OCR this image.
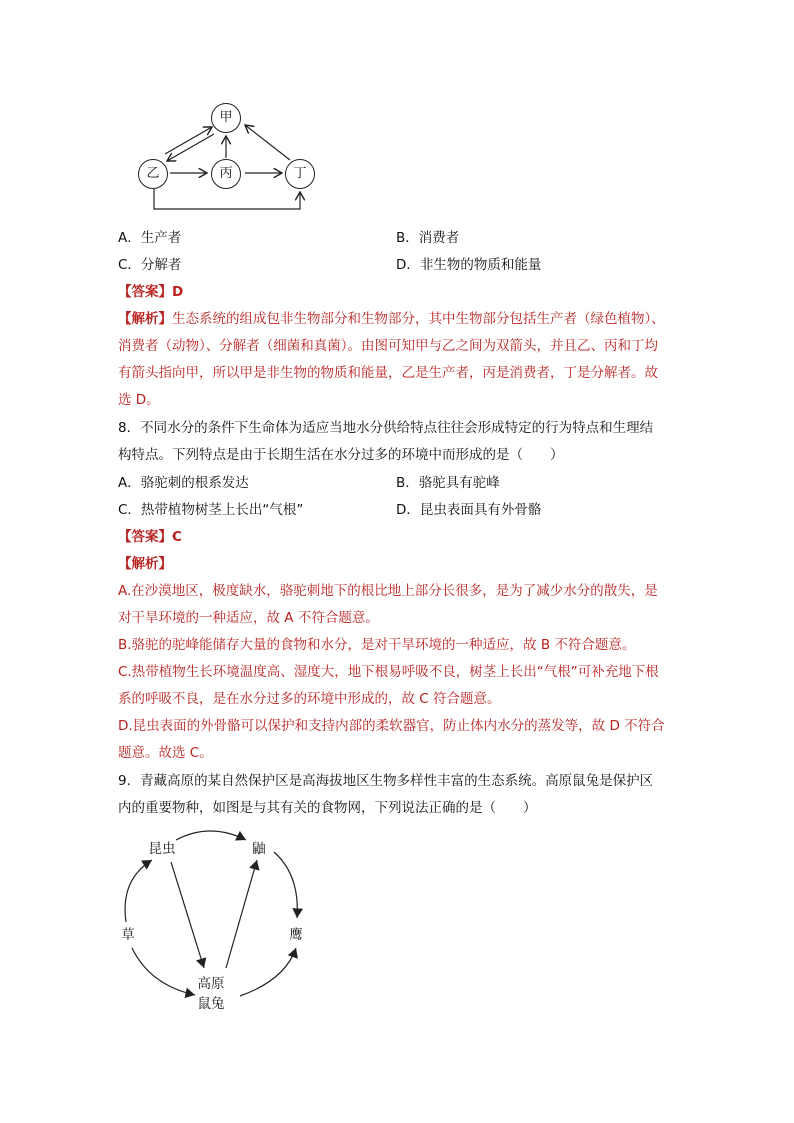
甲
乙	丙	丁
A．生产者	B．消费者
C．分解者	D．非生物的物质和能量
【答案】D
【解析】生态系统的组成包非生物部分和生物部分，其中生物部分包括生产者（绿色植物）、
消费者（动物）、分解者（细菌和真菌）。由图可知甲与乙之间为双箭头，并且乙、丙和丁均
有箭头指向甲，所以甲是非生物的物质和能量，乙是生产者，丙是消费者，丁是分解者。故
选 D。
8．不同水分的条件下生命体为适应当地水分供给特点往往会形成特定的行为特点和生理结
构特点。下列特点是由于长期生活在水分过多的环境中而形成的是（　　）
A．骆驼刺的根系发达	B．骆驼具有驼峰
C．热带植物树茎上长出“气根”	D．昆虫表面具有外骨骼
【答案】C
【解析】
A.在沙漠地区，极度缺水，骆驼刺地下的根比地上部分长很多，是为了减少水分的散失，是
对干旱环境的一种适应，故 A 不符合题意。
B.骆驼的驼峰能储存大量的食物和水分，是对干旱环境的一种适应，故 B 不符合题意。
C.热带植物生长环境温度高、湿度大，地下根易呼吸不良，树茎上长出“气根”可补充地下根
系的呼吸不良，是在水分过多的环境中形成的，故 C 符合题意。
D.昆虫表面的外骨骼可以保护和支持内部的柔软器官，防止体内水分的蒸发等，故 D 不符合
题意。故选 C。
9．青藏高原的某自然保护区是高海拔地区生物多样性丰富的生态系统。高原鼠兔是保护区
内的重要物种，如图是与其有关的食物网，下列说法正确的是（　　）
昆虫	鼬
草	鹰
高原
鼠兔
